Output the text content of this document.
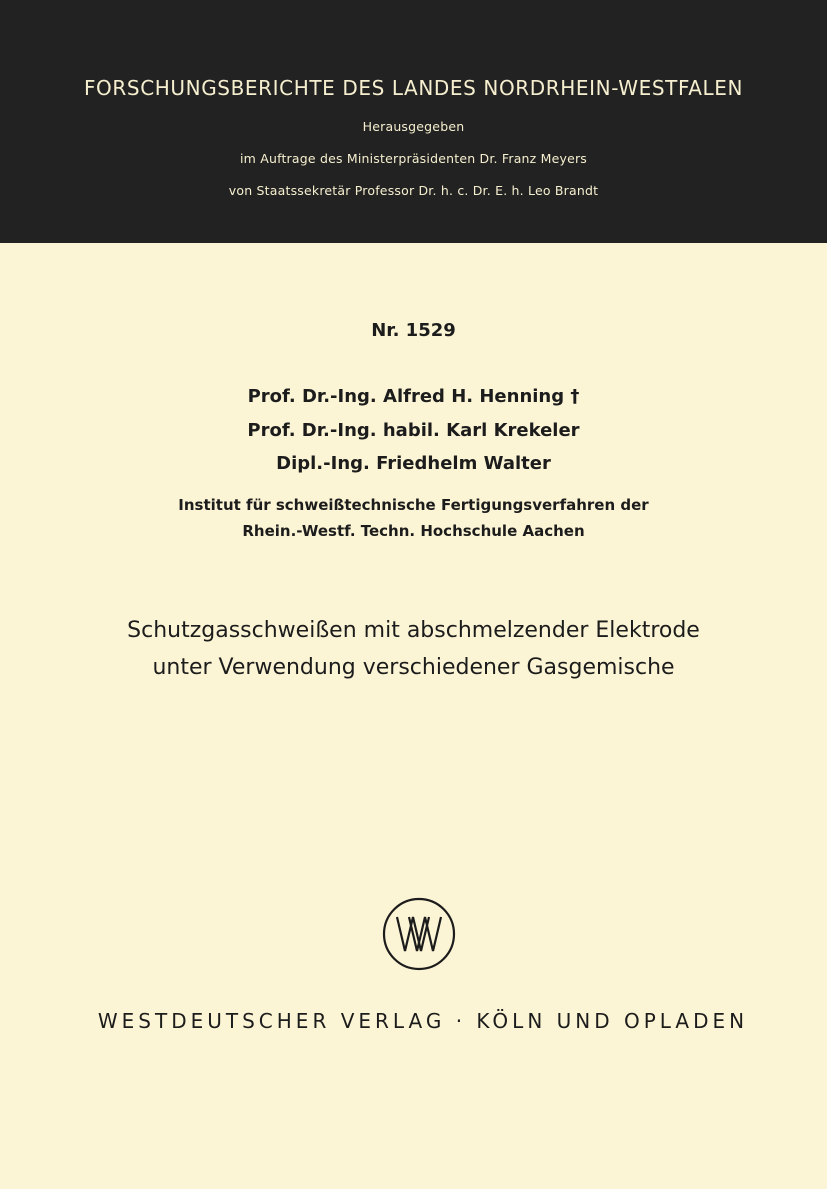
FORSCHUNGSBERICHTE DES LANDES NORDRHEIN-WESTFALEN
Herausgegeben
im Auftrage des Ministerpräsidenten Dr. Franz Meyers
von Staatssekretär Professor Dr. h. c. Dr. E. h. Leo Brandt
Nr. 1529
Prof. Dr.-Ing. Alfred H. Henning †
Prof. Dr.-Ing. habil. Karl Krekeler
Dipl.-Ing. Friedhelm Walter
Institut für schweißtechnische Fertigungsverfahren der
Rhein.-Westf. Techn. Hochschule Aachen
Schutzgasschweißen mit abschmelzender Elektrode
unter Verwendung verschiedener Gasgemische
WESTDEUTSCHER VERLAG · KÖLN UND OPLADEN
